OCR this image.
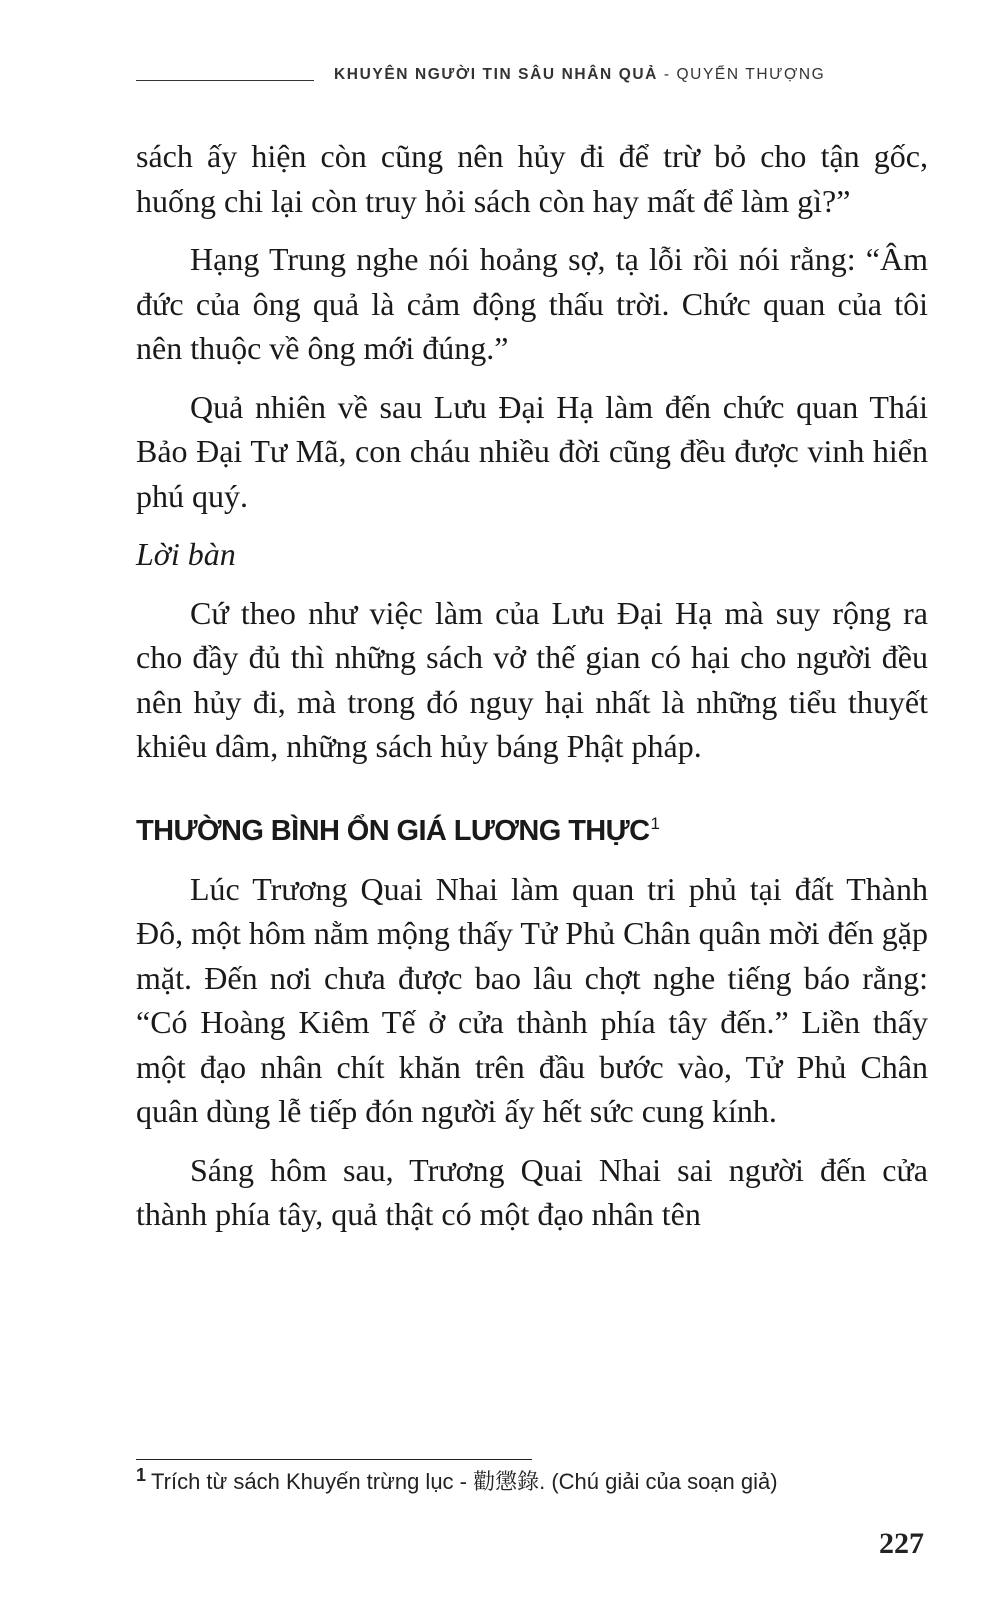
KHUYÊN NGƯỜI TIN SÂU NHÂN QUẢ - QUYỂN THƯỢNG

sách ấy hiện còn cũng nên hủy đi để trừ bỏ cho tận gốc, huống chi lại còn truy hỏi sách còn hay mất để làm gì?”

Hạng Trung nghe nói hoảng sợ, tạ lỗi rồi nói rằng: “Âm đức của ông quả là cảm động thấu trời. Chức quan của tôi nên thuộc về ông mới đúng.”

Quả nhiên về sau Lưu Đại Hạ làm đến chức quan Thái Bảo Đại Tư Mã, con cháu nhiều đời cũng đều được vinh hiển phú quý.

Lời bàn

Cứ theo như việc làm của Lưu Đại Hạ mà suy rộng ra cho đầy đủ thì những sách vở thế gian có hại cho người đều nên hủy đi, mà trong đó nguy hại nhất là những tiểu thuyết khiêu dâm, những sách hủy báng Phật pháp.

THƯỜNG BÌNH ỔN GIÁ LƯƠNG THỰC$^1$

Lúc Trương Quai Nhai làm quan tri phủ tại đất Thành Đô, một hôm nằm mộng thấy Tử Phủ Chân quân mời đến gặp mặt. Đến nơi chưa được bao lâu chợt nghe tiếng báo rằng: “Có Hoàng Kiêm Tế ở cửa thành phía tây đến.” Liền thấy một đạo nhân chít khăn trên đầu bước vào, Tử Phủ Chân quân dùng lễ tiếp đón người ấy hết sức cung kính.

Sáng hôm sau, Trương Quai Nhai sai người đến cửa thành phía tây, quả thật có một đạo nhân tên

$^1$ Trích từ sách Khuyến trừng lục - 勸懲錄. (Chú giải của soạn giả)
227
